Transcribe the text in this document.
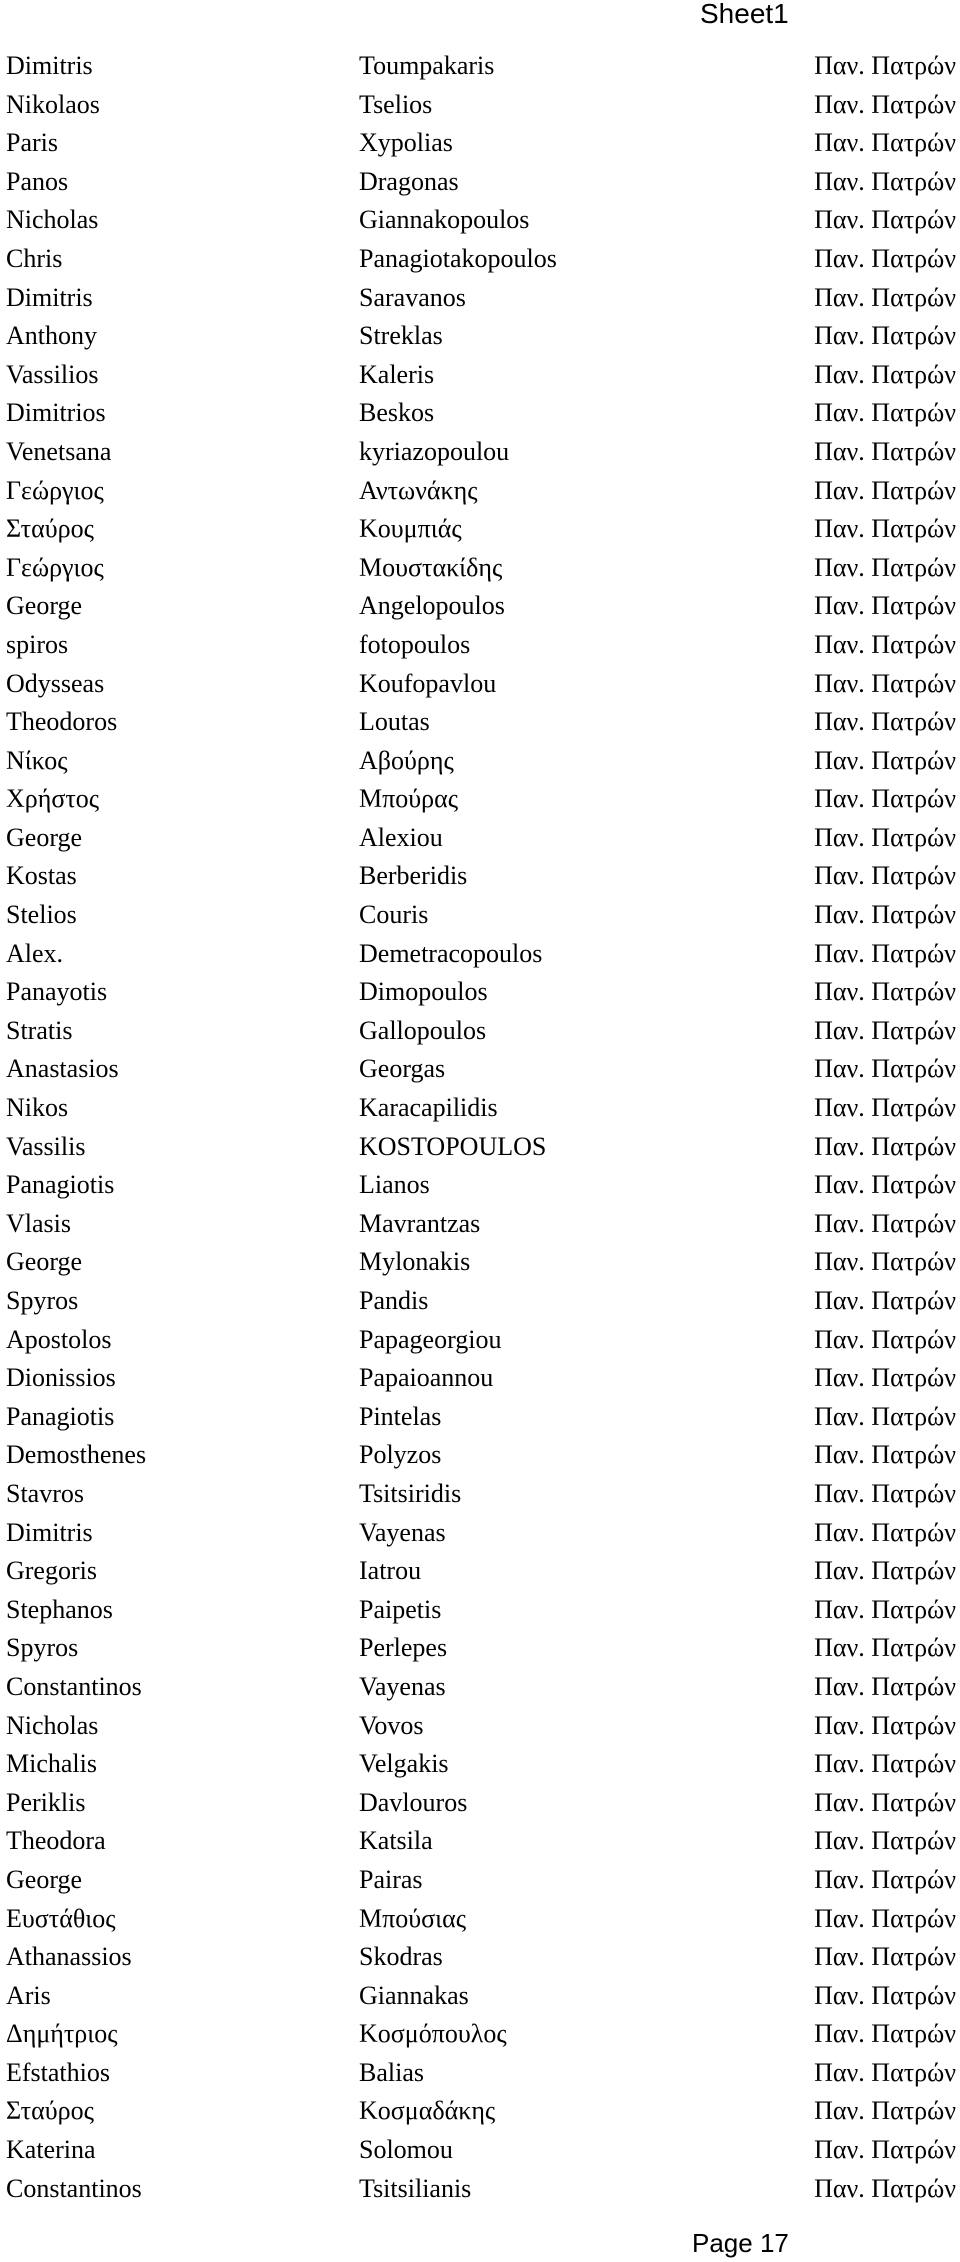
Sheet1
Dimitris	Toumpakaris	Παν. Πατρών
Nikolaos	Tselios	Παν. Πατρών
Paris	Xypolias	Παν. Πατρών
Panos	Dragonas	Παν. Πατρών
Nicholas	Giannakopoulos	Παν. Πατρών
Chris	Panagiotakopoulos	Παν. Πατρών
Dimitris	Saravanos	Παν. Πατρών
Anthony	Streklas	Παν. Πατρών
Vassilios	Kaleris	Παν. Πατρών
Dimitrios	Beskos	Παν. Πατρών
Venetsana	kyriazopoulou	Παν. Πατρών
Γεώργιος	Αντωνάκης	Παν. Πατρών
Σταύρος	Κουμπιάς	Παν. Πατρών
Γεώργιος	Μουστακίδης	Παν. Πατρών
George	Angelopoulos	Παν. Πατρών
spiros	fotopoulos	Παν. Πατρών
Odysseas	Koufopavlou	Παν. Πατρών
Theodoros	Loutas	Παν. Πατρών
Νίκος	Αβούρης	Παν. Πατρών
Χρήστος	Μπούρας	Παν. Πατρών
George	Alexiou	Παν. Πατρών
Kostas	Berberidis	Παν. Πατρών
Stelios	Couris	Παν. Πατρών
Alex.	Demetracopoulos	Παν. Πατρών
Panayotis	Dimopoulos	Παν. Πατρών
Stratis	Gallopoulos	Παν. Πατρών
Anastasios	Georgas	Παν. Πατρών
Nikos	Karacapilidis	Παν. Πατρών
Vassilis	KOSTOPOULOS	Παν. Πατρών
Panagiotis	Lianos	Παν. Πατρών
Vlasis	Mavrantzas	Παν. Πατρών
George	Mylonakis	Παν. Πατρών
Spyros	Pandis	Παν. Πατρών
Apostolos	Papageorgiou	Παν. Πατρών
Dionissios	Papaioannou	Παν. Πατρών
Panagiotis	Pintelas	Παν. Πατρών
Demosthenes	Polyzos	Παν. Πατρών
Stavros	Tsitsiridis	Παν. Πατρών
Dimitris	Vayenas	Παν. Πατρών
Gregoris	Iatrou	Παν. Πατρών
Stephanos	Paipetis	Παν. Πατρών
Spyros	Perlepes	Παν. Πατρών
Constantinos	Vayenas	Παν. Πατρών
Nicholas	Vovos	Παν. Πατρών
Michalis	Velgakis	Παν. Πατρών
Periklis	Davlouros	Παν. Πατρών
Theodora	Katsila	Παν. Πατρών
George	Pairas	Παν. Πατρών
Ευστάθιος	Μπούσιας	Παν. Πατρών
Athanassios	Skodras	Παν. Πατρών
Aris	Giannakas	Παν. Πατρών
Δημήτριος	Κοσμόπουλος	Παν. Πατρών
Efstathios	Balias	Παν. Πατρών
Σταύρος	Κοσμαδάκης	Παν. Πατρών
Katerina	Solomou	Παν. Πατρών
Constantinos	Tsitsilianis	Παν. Πατρών
Page 17
